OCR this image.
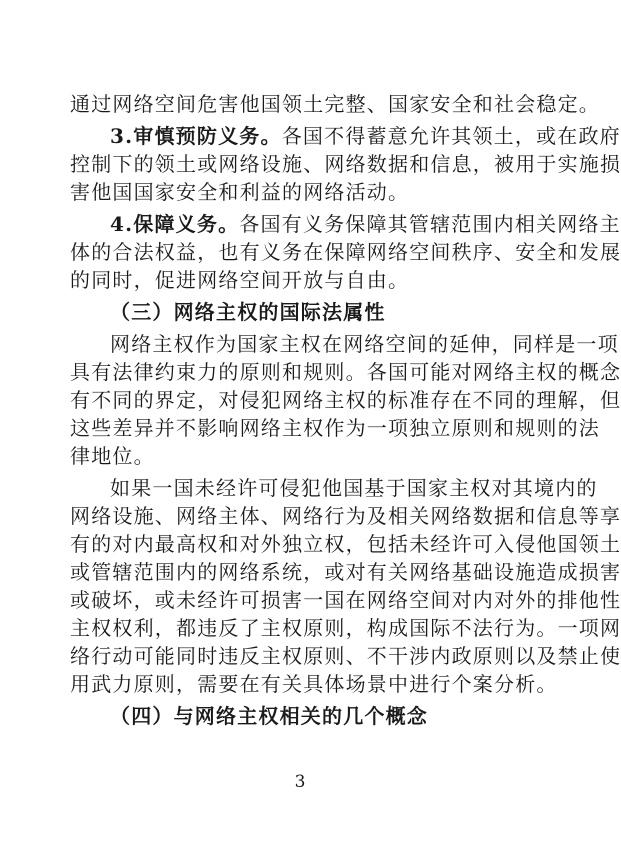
通过网络空间危害他国领土完整、国家安全和社会稳定。
3.审慎预防义务。各国不得蓄意允许其领土，或在政府
控制下的领土或网络设施、网络数据和信息，被用于实施损
害他国国家安全和利益的网络活动。
4.保障义务。各国有义务保障其管辖范围内相关网络主
体的合法权益，也有义务在保障网络空间秩序、安全和发展
的同时，促进网络空间开放与自由。
（三）网络主权的国际法属性
网络主权作为国家主权在网络空间的延伸，同样是一项
具有法律约束力的原则和规则。各国可能对网络主权的概念
有不同的界定，对侵犯网络主权的标准存在不同的理解，但
这些差异并不影响网络主权作为一项独立原则和规则的法
律地位。
如果一国未经许可侵犯他国基于国家主权对其境内的
网络设施、网络主体、网络行为及相关网络数据和信息等享
有的对内最高权和对外独立权，包括未经许可入侵他国领土
或管辖范围内的网络系统，或对有关网络基础设施造成损害
或破坏，或未经许可损害一国在网络空间对内对外的排他性
主权权利，都违反了主权原则，构成国际不法行为。一项网
络行动可能同时违反主权原则、不干涉内政原则以及禁止使
用武力原则，需要在有关具体场景中进行个案分析。
（四）与网络主权相关的几个概念
3
